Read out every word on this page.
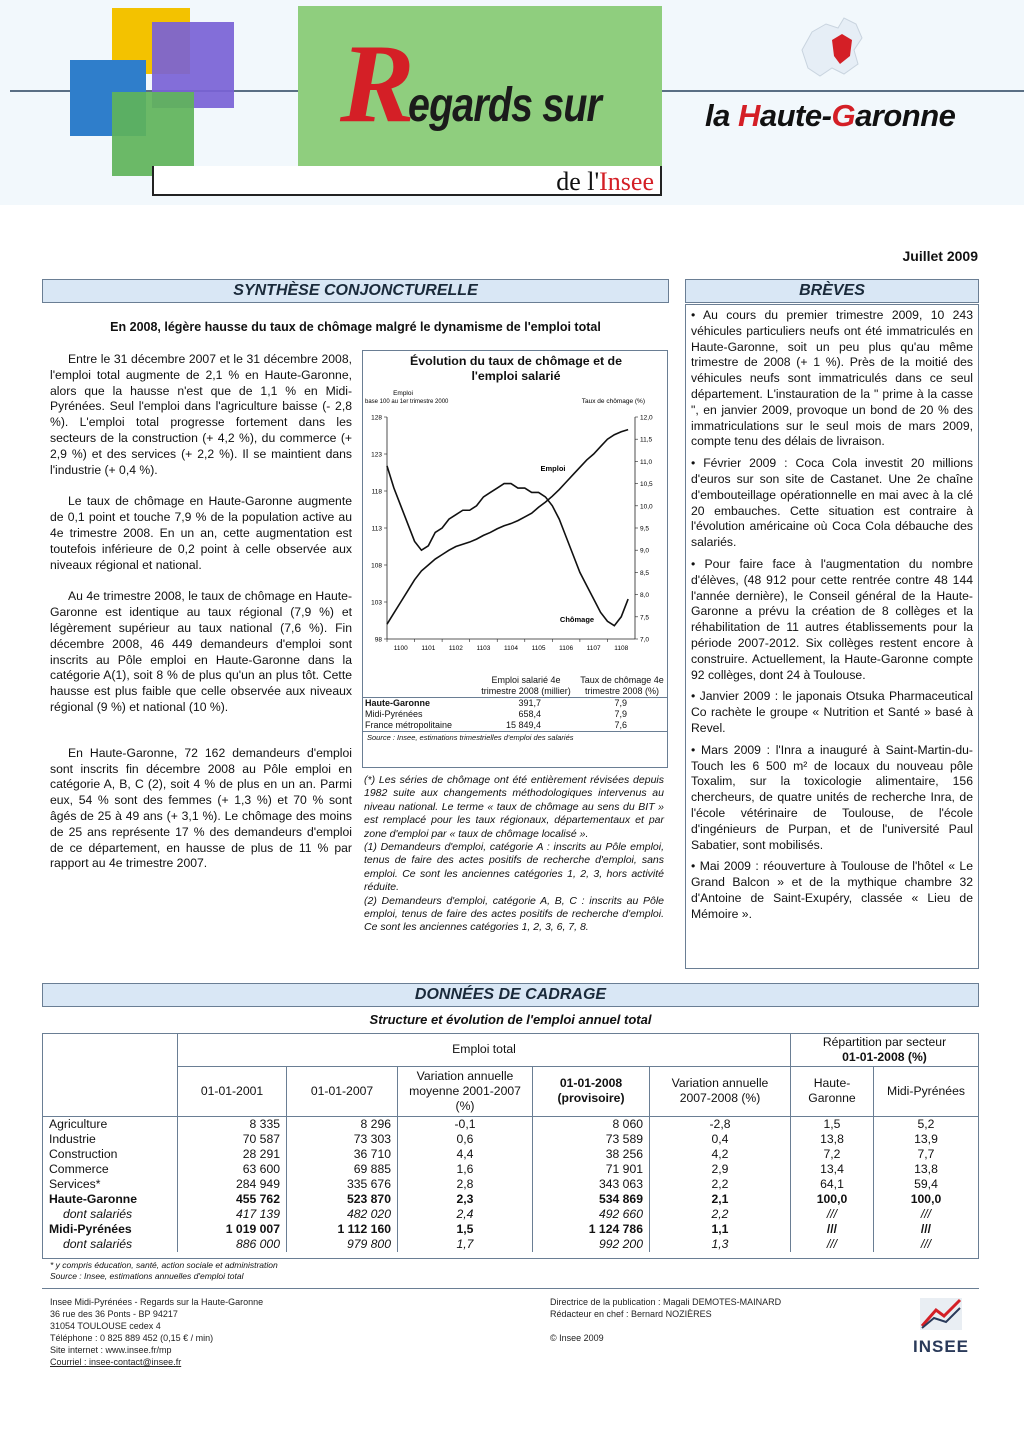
R
egards sur
de l'Insee
la Haute-Garonne
Juillet 2009
SYNTHÈSE CONJONCTURELLE
En 2008, légère hausse du taux de chômage malgré le dynamisme de l'emploi total

Entre le 31 décembre 2007 et le 31 décembre 2008, l'emploi total augmente de 2,1 % en Haute-Garonne, alors que la hausse n'est que de 1,1 % en Midi-Pyrénées. Seul l'emploi dans l'agriculture baisse (- 2,8 %). L'emploi total progresse fortement dans les secteurs de la construction (+ 4,2 %), du commerce (+ 2,9 %) et des services (+ 2,2 %). Il se maintient dans l'industrie (+ 0,4 %).

Le taux de chômage en Haute-Garonne augmente de 0,1 point et touche 7,9 % de la population active au 4e trimestre 2008. En un an, cette augmentation est toutefois inférieure de 0,2 point à celle observée aux niveaux régional et national.

Au 4e trimestre 2008, le taux de chômage en Haute-Garonne est identique au taux régional (7,9 %) et légèrement supérieur au taux national (7,6 %). Fin décembre 2008, 46 449 demandeurs d'emploi sont inscrits au Pôle emploi en Haute-Garonne dans la catégorie A(1), soit 8 % de plus qu'un an plus tôt. Cette hausse est plus faible que celle observée aux niveaux régional (9 %) et national (10 %).

En Haute-Garonne, 72 162 demandeurs d'emploi sont inscrits fin décembre 2008 au Pôle emploi en catégorie A, B, C (2), soit 4 % de plus en un an. Parmi eux, 54 % sont des femmes (+ 1,3 %) et 70 % sont âgés de 25 à 49 ans (+ 3,1 %). Le chômage des moins de 25 ans représente 17 % des demandeurs d'emploi de ce département, en hausse de plus de 11 % par rapport au 4e trimestre 2007.

Évolution du taux de chômage et de l'emploi salarié
Emploi
base 100 au 1er trimestre 2000	Taux de chômage (%)
98
103
108
113
118
123
128
7,0
7,5
8,0
8,5
9,0
9,5
10,0
10,5
11,0
11,5
12,0
1100 1101 1102 1103 1104 1105 1106 1107 1108
Emploi
Chômage
	Emploi salarié 4e trimestre 2008 (millier)	Taux de chômage 4e trimestre 2008 (%)
Haute-Garonne	391,7		7,9	
Midi-Pyrénées	658,4		7,9	
France métropolitaine	15 849,4		7,6	
Source : Insee, estimations trimestrielles d'emploi des salariés
(*) Les séries de chômage ont été entièrement révisées depuis 1982 suite aux changements méthodologiques intervenus au niveau national. Le terme « taux de chômage au sens du BIT » est remplacé pour les taux régionaux, départementaux et par zone d'emploi par « taux de chômage localisé ».
(1) Demandeurs d'emploi, catégorie A : inscrits au Pôle emploi, tenus de faire des actes positifs de recherche d'emploi, sans emploi. Ce sont les anciennes catégories 1, 2, 3, hors activité réduite.
(2) Demandeurs d'emploi, catégorie A, B, C : inscrits au Pôle emploi, tenus de faire des actes positifs de recherche d'emploi. Ce sont les anciennes catégories 1, 2, 3, 6, 7, 8.
BRÈVES

• Au cours du premier trimestre 2009, 10 243 véhicules particuliers neufs ont été immatriculés en Haute-Garonne, soit un peu plus qu'au même trimestre de 2008 (+ 1 %). Près de la moitié des véhicules neufs sont immatriculés dans ce seul département. L'instauration de la " prime à la casse ", en janvier 2009, provoque un bond de 20 % des immatriculations sur le seul mois de mars 2009, compte tenu des délais de livraison.

• Février 2009 : Coca Cola investit 20 millions d'euros sur son site de Castanet. Une 2e chaîne d'embouteillage opérationnelle en mai avec à la clé 20 embauches. Cette situation est contraire à l'évolution américaine où Coca Cola débauche des salariés.

• Pour faire face à l'augmentation du nombre d'élèves, (48 912 pour cette rentrée contre 48 144 l'année dernière), le Conseil général de la Haute-Garonne a prévu la création de 8 collèges et la réhabilitation de 11 autres établissements pour la période 2007-2012. Six collèges restent encore à construire. Actuellement, la Haute-Garonne compte 92 collèges, dont 24 à Toulouse.

• Janvier 2009 : le japonais Otsuka Pharmaceutical Co rachète le groupe « Nutrition et Santé » basé à Revel.

• Mars 2009 : l'Inra a inauguré à Saint-Martin-du-Touch les 6 500 m² de locaux du nouveau pôle Toxalim, sur la toxicologie alimentaire, 156 chercheurs, de quatre unités de recherche Inra, de l'école vétérinaire de Toulouse, de l'école d'ingénieurs de Purpan, et de l'université Paul Sabatier, sont mobilisés.

• Mai 2009 : réouverture à Toulouse de l'hôtel « Le Grand Balcon » et de la mythique chambre 32 d'Antoine de Saint-Exupéry, classée « Lieu de Mémoire ».

DONNÉES DE CADRAGE
Structure et évolution de l'emploi annuel total
	Emploi total					Répartition par secteur
01-01-2008 (%)	
	01-01-2001	01-01-2007	Variation annuelle moyenne 2001-2007 (%)	01-01-2008 (provisoire)	Variation annuelle 2007-2008 (%)	Haute-Garonne	Midi-Pyrénées
Agriculture	8 335	8 296	-0,1	8 060	-2,8	1,5	5,2
Industrie	70 587	73 303	0,6	73 589	0,4	13,8	13,9
Construction	28 291	36 710	4,4	38 256	4,2	7,2	7,7
Commerce	63 600	69 885	1,6	71 901	2,9	13,4	13,8
Services*	284 949	335 676	2,8	343 063	2,2	64,1	59,4
Haute-Garonne	455 762	523 870	2,3	534 869	2,1	100,0	100,0
dont salariés	417 139	482 020	2,4	492 660	2,2	///	///
Midi-Pyrénées	1 019 007	1 112 160	1,5	1 124 786	1,1	///	///
dont salariés	886 000	979 800	1,7	992 200	1,3	///	///
* y compris éducation, santé, action sociale et administration
Source : Insee, estimations annuelles d'emploi total
Insee Midi-Pyrénées - Regards sur la Haute-Garonne
36 rue des 36 Ponts - BP 94217
31054 TOULOUSE cedex 4
Téléphone : 0 825 889 452 (0,15 € / min)
Site internet : www.insee.fr/mp
Courriel : insee-contact@insee.fr
Directrice de la publication : Magali DEMOTES-MAINARD
Rédacteur en chef : Bernard NOZIÈRES
© Insee 2009	INSEE
